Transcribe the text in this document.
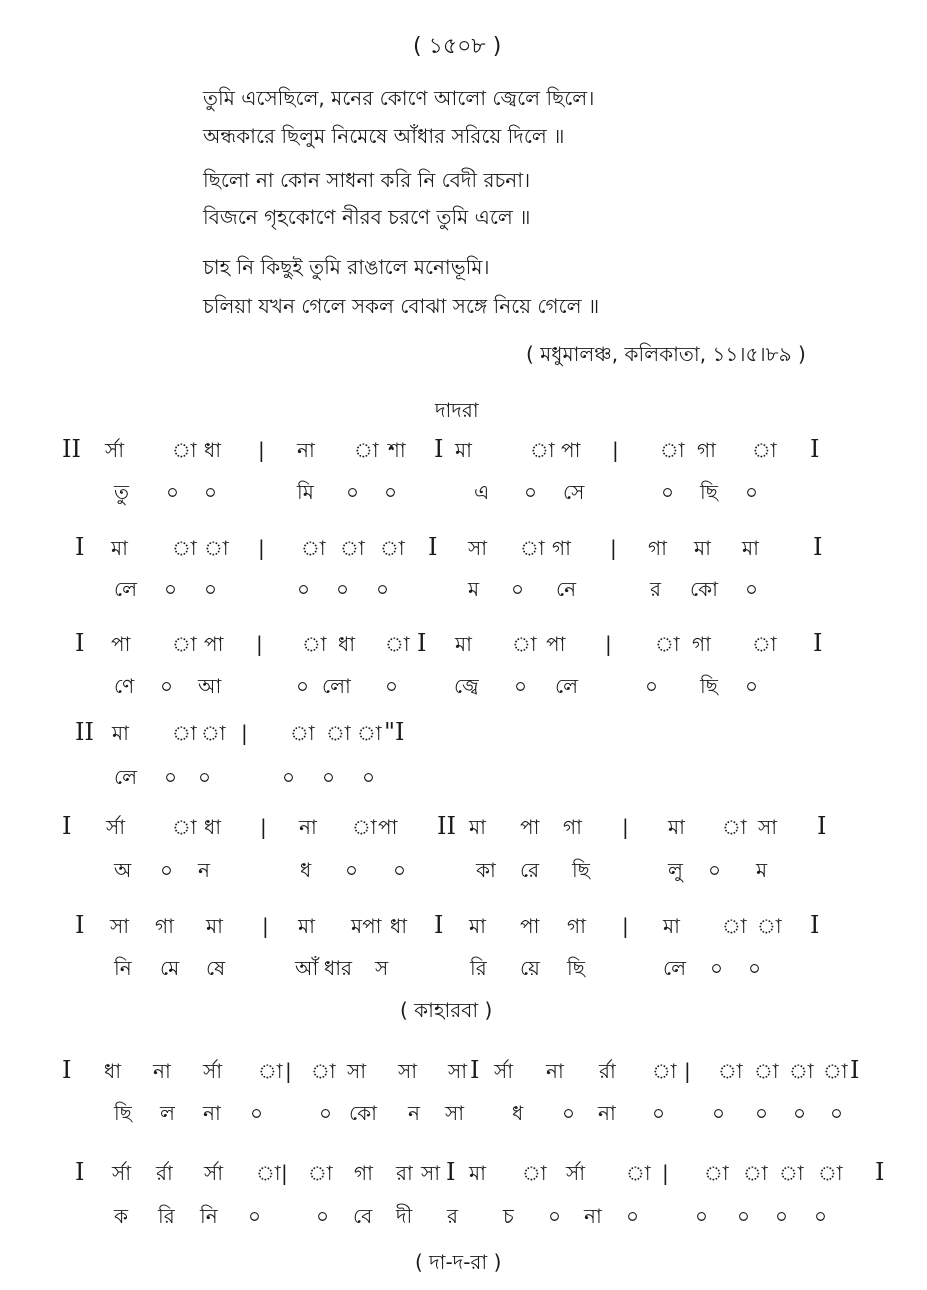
( ১৫০৮ )
তুমি এসেছিলে, মনের কোণে আলো জ্বেলে ছিলে।
অন্ধকারে ছিলুম নিমেষে আঁধার সরিয়ে দিলে ॥
ছিলো না কোন সাধনা করি নি বেদী রচনা।
বিজনে গৃহকোণে নীরব চরণে তুমি এলে ॥
চাহ নি কিছুই তুমি রাঙালে মনোভূমি।
চলিয়া যখন গেলে সকল বোঝা সঙ্গে নিয়ে গেলে ॥
( মধুমালঞ্চ, কলিকাতা, ১১।৫।৮৯ )
দাদরা
II র্সা া ধা | না া শা I মা	া পা | া গা া I
তু ০ ০	মি ০ ০	এ ০ সে	০ ছি ০
I মা া া | া া া I সা া গা | গা মা মা I
লে ০ ০	০ ০ ০	ম ০ নে	র কো ০
I পা া পা | া ধা া I মা া পা | া গা া I
ণে ০ আ	০ লো ০	জ্বে ০ লে	০ ছি ০
II মা া া | া া া "I
লে ০ ০	০ ০ ০
I র্সা া ধা | না া পা II মা পা গা | মা া সা I
অ ০ ন	ধ ০ ০	কা রে ছি	লু ০ ম
I সা গা মা | মা মপা ধা I মা পা গা | মা া া I
নি মে ষে	আঁ ধার স	রি য়ে ছি	লে ০ ০
( কাহারবা )
I ধা না র্সা া | া সা সা সা I র্সা না র্রা া | া া া া I
ছি ল না ০	০ কো ন সা ধ ০ না ০ ০ ০ ০ ০
I র্সা র্রা র্সা া | া গা রা সা I মা া র্সা া | া া া া I
ক রি নি ০	০ বে দী র চ ০ না ০	০ ০ ০ ০
( দা-দ-রা )
